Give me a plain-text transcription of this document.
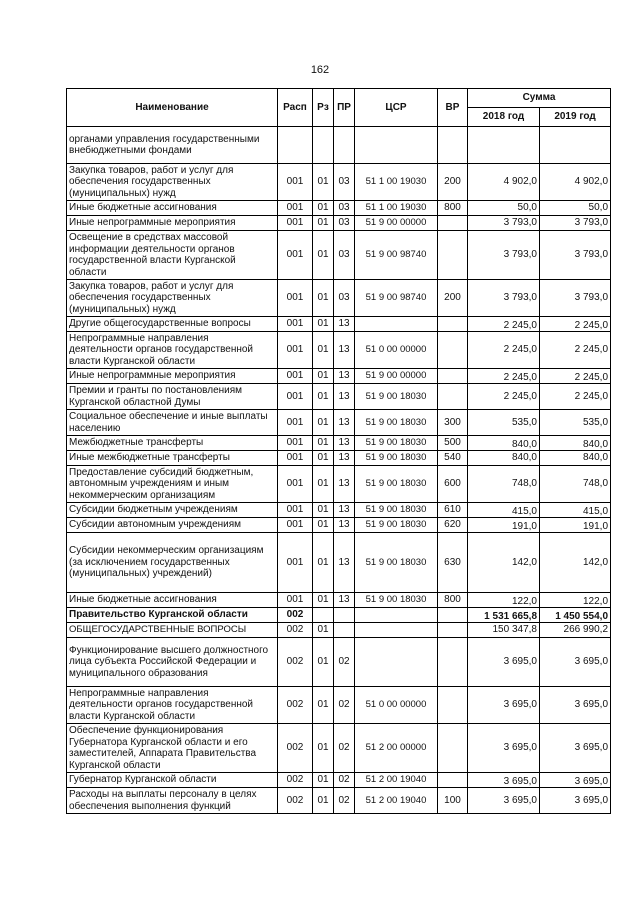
162
Наименование	Расп	Рз	ПР	ЦСР	ВР	Сумма	
						2018 год	2019 год
органами управления государственными внебюджетными фондами							
Закупка товаров, работ и услуг для обеспечения государственных (муниципальных) нужд	001	01	03	51 1 00 19030	200	4 902,0	4 902,0
Иные бюджетные ассигнования	001	01	03	51 1 00 19030	800	50,0	50,0
Иные непрограммные мероприятия	001	01	03	51 9 00 00000		3 793,0	3 793,0
Освещение в средствах массовой информации деятельности органов государственной власти Курганской области	001	01	03	51 9 00 98740		3 793,0	3 793,0
Закупка товаров, работ и услуг для обеспечения государственных (муниципальных) нужд	001	01	03	51 9 00 98740	200	3 793,0	3 793,0
Другие общегосударственные вопросы	001	01	13			2 245,0	2 245,0
Непрограммные направления деятельности органов государственной власти Курганской области	001	01	13	51 0 00 00000		2 245,0	2 245,0
Иные непрограммные мероприятия	001	01	13	51 9 00 00000		2 245,0	2 245,0
Премии и гранты по постановлениям Курганской областной Думы	001	01	13	51 9 00 18030		2 245,0	2 245,0
Социальное обеспечение и иные выплаты населению	001	01	13	51 9 00 18030	300	535,0	535,0
Межбюджетные трансферты	001	01	13	51 9 00 18030	500	840,0	840,0
Иные межбюджетные трансферты	001	01	13	51 9 00 18030	540	840,0	840,0
Предоставление субсидий бюджетным, автономным учреждениям и иным некоммерческим организациям	001	01	13	51 9 00 18030	600	748,0	748,0
Субсидии бюджетным учреждениям	001	01	13	51 9 00 18030	610	415,0	415,0
Субсидии автономным учреждениям	001	01	13	51 9 00 18030	620	191,0	191,0
Субсидии некоммерческим организациям (за исключением государственных (муниципальных) учреждений)	001	01	13	51 9 00 18030	630	142,0	142,0
Иные бюджетные ассигнования	001	01	13	51 9 00 18030	800	122,0	122,0
Правительство Курганской области	002					1 531 665,8	1 450 554,0
ОБЩЕГОСУДАРСТВЕННЫЕ ВОПРОСЫ	002	01				150 347,8	266 990,2
Функционирование высшего должностного лица субъекта Российской Федерации и муниципального образования	002	01	02			3 695,0	3 695,0
Непрограммные направления деятельности органов государственной власти Курганской области	002	01	02	51 0 00 00000		3 695,0	3 695,0
Обеспечение функционирования Губернатора Курганской области и его заместителей, Аппарата Правительства Курганской области	002	01	02	51 2 00 00000		3 695,0	3 695,0
Губернатор Курганской области	002	01	02	51 2 00 19040		3 695,0	3 695,0
Расходы на выплаты персоналу в целях обеспечения выполнения функций	002	01	02	51 2 00 19040	100	3 695,0	3 695,0
